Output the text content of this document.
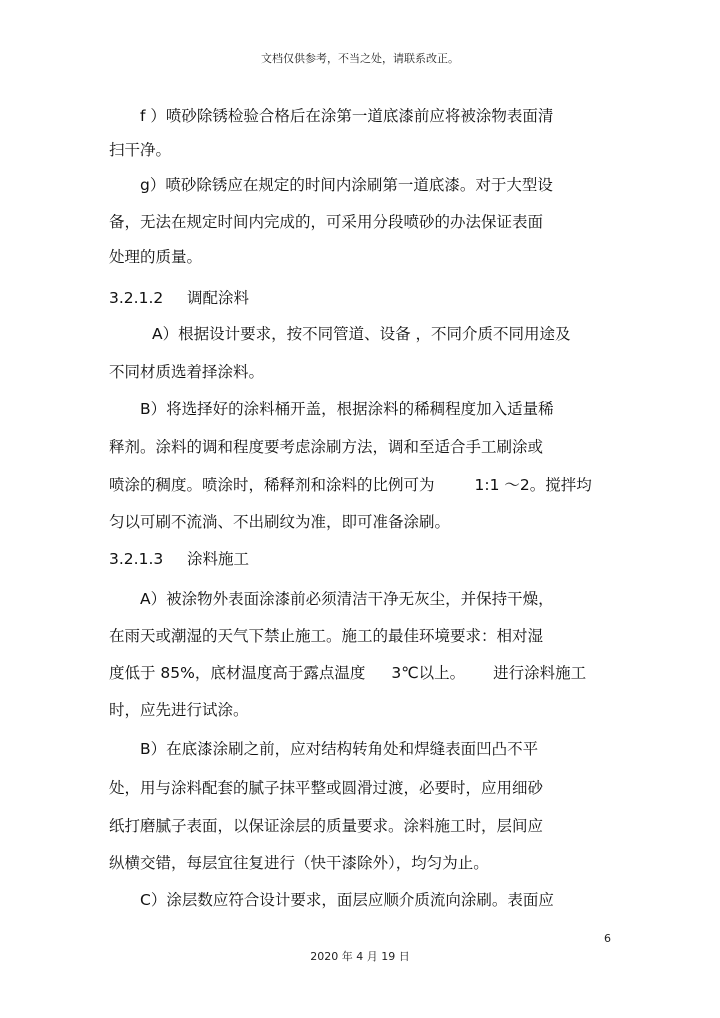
文档仅供参考，不当之处，请联系改正。
f ）喷砂除锈检验合格后在涂第一道底漆前应将被涂物表面清
扫干净。
g）喷砂除锈应在规定的时间内涂刷第一道底漆。对于大型设
备，无法在规定时间内完成的，可采用分段喷砂的办法保证表面
处理的质量。
3.2.1.2 调配涂料
A）根据设计要求，按不同管道、设备 ，不同介质不同用途及
不同材质选着择涂料。
B）将选择好的涂料桶开盖，根据涂料的稀稠程度加入适量稀
释剂。涂料的调和程度要考虑涂刷方法，调和至适合手工刷涂或
喷涂的稠度。喷涂时，稀释剂和涂料的比例可为	1:1 ～2。搅拌均
匀以可刷不流淌、不出刷纹为准，即可准备涂刷。
3.2.1.3 涂料施工
A）被涂物外表面涂漆前必须清洁干净无灰尘，并保持干燥，
在雨天或潮湿的天气下禁止施工。施工的最佳环境要求：相对湿
度低于 85%，底材温度高于露点温度 3℃以上。 进行涂料施工
时，应先进行试涂。
B）在底漆涂刷之前，应对结构转角处和焊缝表面凹凸不平
处，用与涂料配套的腻子抹平整或圆滑过渡，必要时，应用细砂
纸打磨腻子表面，以保证涂层的质量要求。涂料施工时，层间应
纵横交错，每层宜往复进行（快干漆除外），均匀为止。
C）涂层数应符合设计要求，面层应顺介质流向涂刷。表面应
6
2020 年 4 月 19 日
